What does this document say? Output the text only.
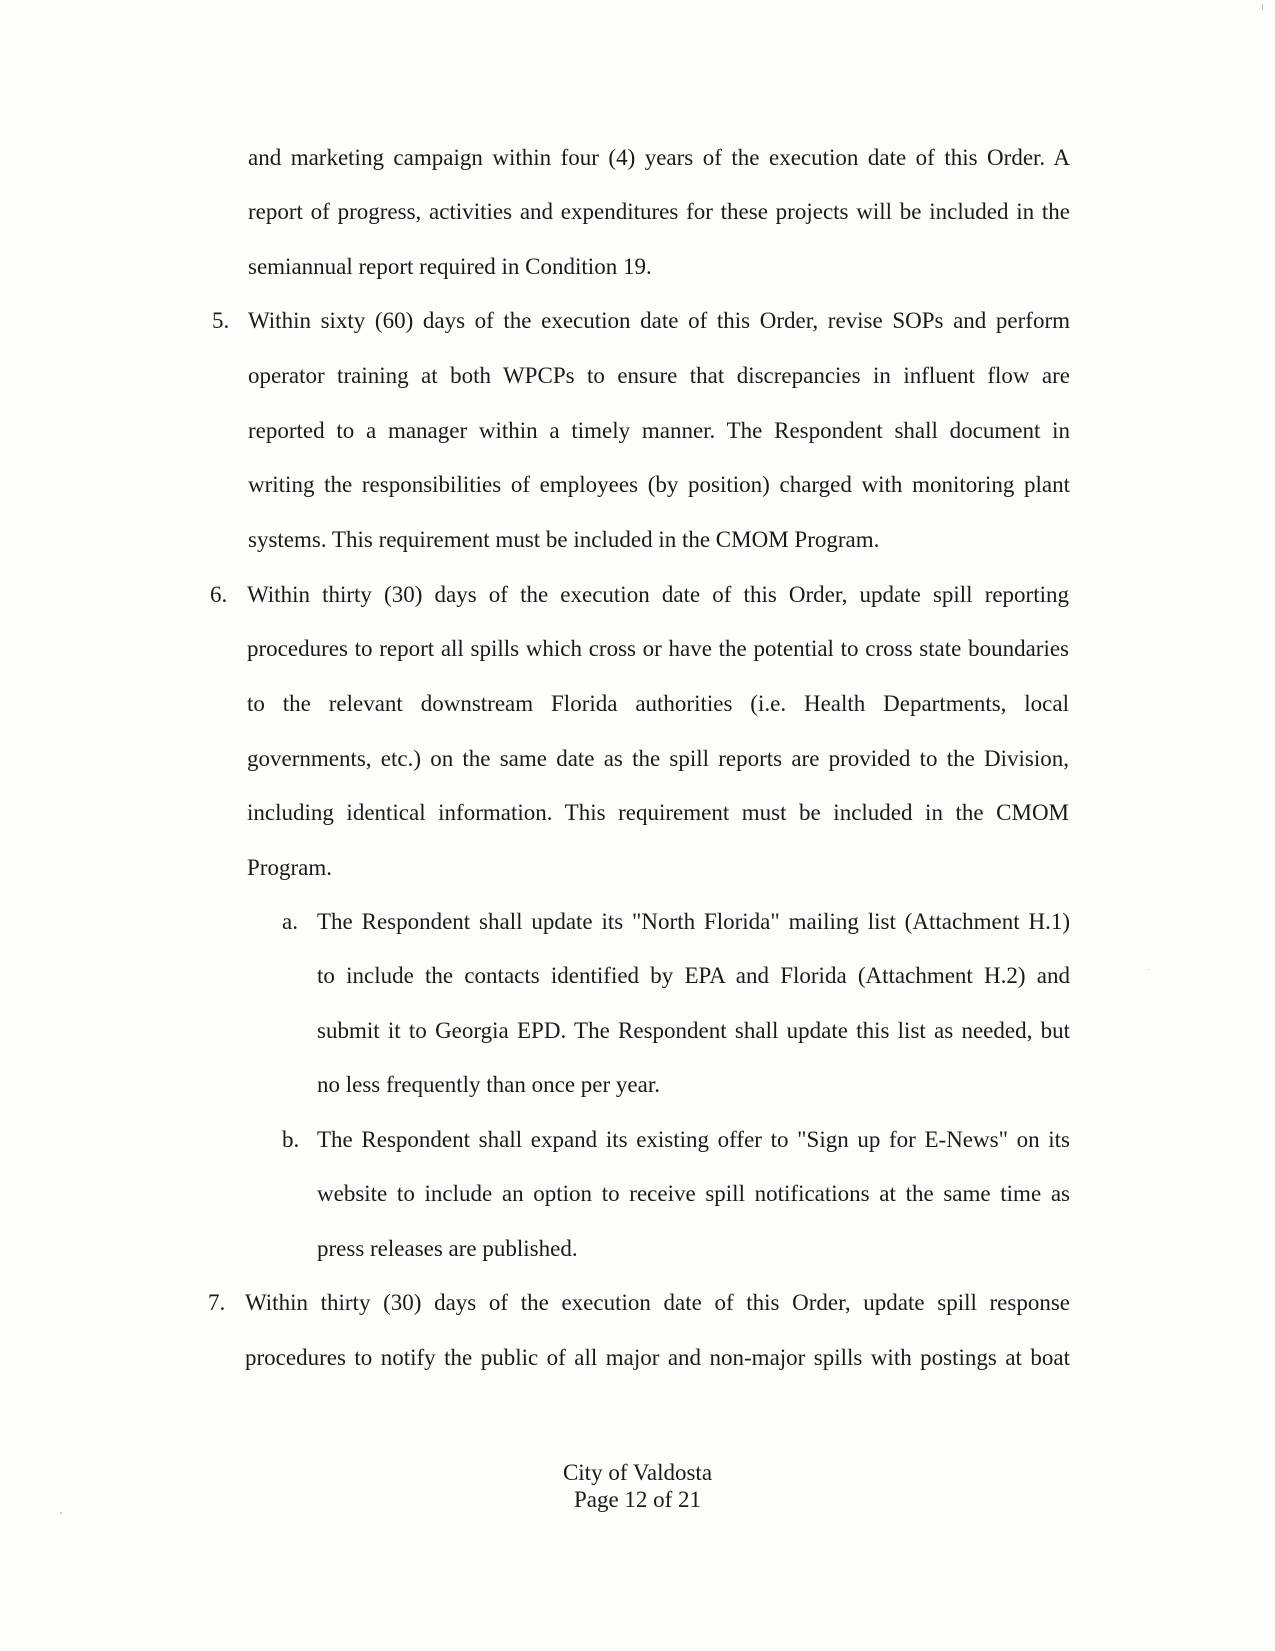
and marketing campaign within four (4) years of the execution date of this Order. A
report of progress, activities and expenditures for these projects will be included in the
semiannual report required in Condition 19.
5. Within sixty (60) days of the execution date of this Order, revise SOPs and perform
operator training at both WPCPs to ensure that discrepancies in influent flow are
reported to a manager within a timely manner. The Respondent shall document in
writing the responsibilities of employees (by position) charged with monitoring plant
systems. This requirement must be included in the CMOM Program.
6. Within thirty (30) days of the execution date of this Order, update spill reporting
procedures to report all spills which cross or have the potential to cross state boundaries
to the relevant downstream Florida authorities (i.e. Health Departments, local
governments, etc.) on the same date as the spill reports are provided to the Division,
including identical information. This requirement must be included in the CMOM
Program.
a. The Respondent shall update its "North Florida" mailing list (Attachment H.1)
to include the contacts identified by EPA and Florida (Attachment H.2) and
submit it to Georgia EPD. The Respondent shall update this list as needed, but
no less frequently than once per year.
b. The Respondent shall expand its existing offer to "Sign up for E-News" on its
website to include an option to receive spill notifications at the same time as
press releases are published.
7. Within thirty (30) days of the execution date of this Order, update spill response
procedures to notify the public of all major and non-major spills with postings at boat
City of Valdosta
Page 12 of 21
